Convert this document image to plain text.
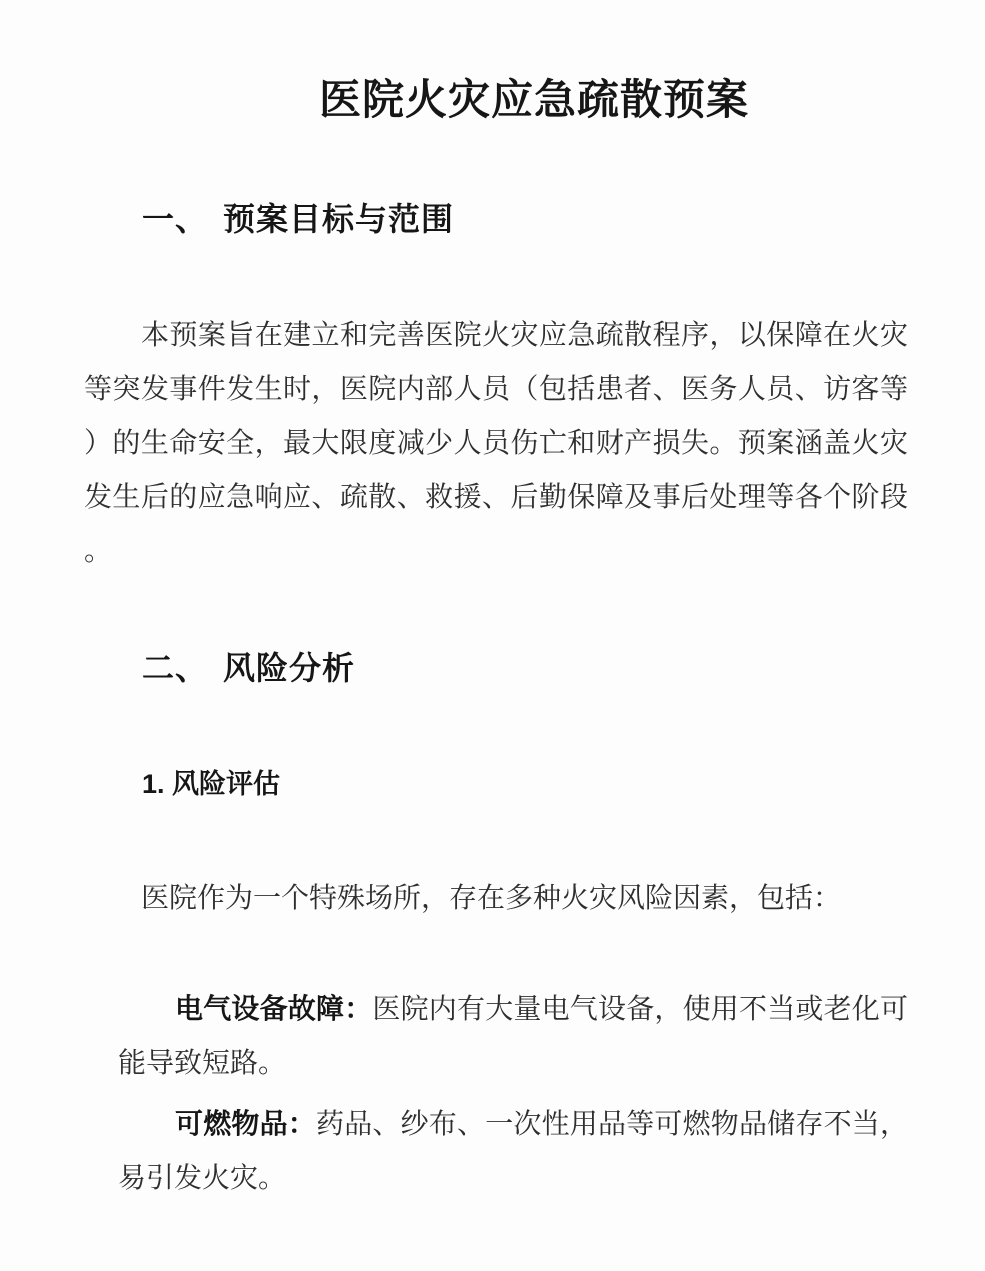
医院火灾应急疏散预案
一、 预案目标与范围
本预案旨在建立和完善医院火灾应急疏散程序，以保障在火灾
等突发事件发生时，医院内部人员（包括患者、医务人员、访客等
）的生命安全，最大限度减少人员伤亡和财产损失。预案涵盖火灾
发生后的应急响应、疏散、救援、后勤保障及事后处理等各个阶段
。
二、 风险分析
1. 风险评估
医院作为一个特殊场所，存在多种火灾风险因素，包括：
电气设备故障：医院内有大量电气设备，使用不当或老化可
能导致短路。
可燃物品：药品、纱布、一次性用品等可燃物品储存不当，
易引发火灾。
